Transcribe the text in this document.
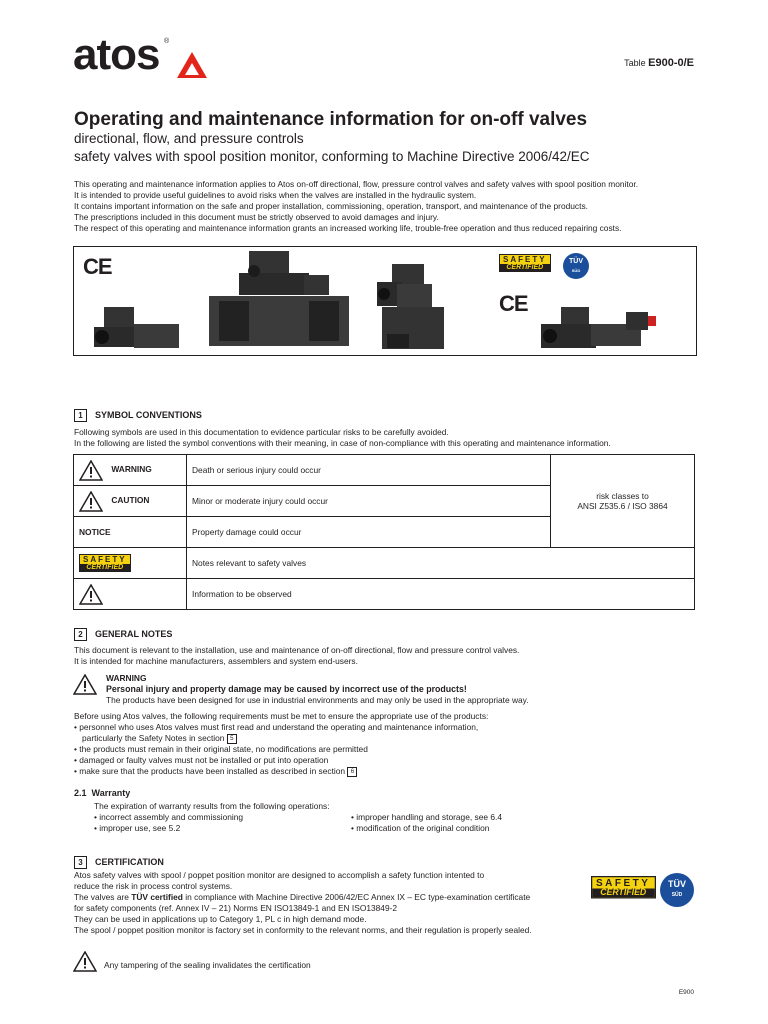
atos ®
Table E900-0/E
Operating and maintenance information for on-off valves
directional, flow, and pressure controls
safety valves with spool position monitor, conforming to Machine Directive 2006/42/EC
This operating and maintenance information applies to Atos on-off directional, flow, pressure control valves and safety valves with spool position monitor.
It is intended to provide useful guidelines to avoid risks when the valves are installed in the hydraulic system.
It contains important information on the safe and proper installation, commissioning, operation, transport, and maintenance of the products.
The prescriptions included in this document must be strictly observed to avoid damages and injury.
The respect of this operating and maintenance information grants an increased working life, trouble-free operation and thus reduced repairing costs.
CE	SAFETY
CERTIFIED
TÜV
SÜD
CE
1 SYMBOL CONVENTIONS
Following symbols are used in this documentation to evidence particular risks to be carefully avoided.
In the following are listed the symbol conventions with their meaning, in case of non-compliance with this operating and maintenance information.
WARNING	Death or serious injury could occur	risk classes to
ANSI Z535.6 / ISO 3864

CAUTION	Minor or moderate injury could occur	
NOTICE	Property damage could occur	

SAFETY
CERTIFIED	Notes relevant to safety valves	
	Information to be observed	
2 GENERAL NOTES
This document is relevant to the installation, use and maintenance of on-off directional, flow and pressure control valves.
It is intended for machine manufacturers, assemblers and system end-users.
WARNING
Personal injury and property damage may be caused by incorrect use of the products!
The products have been designed for use in industrial environments and may only be used in the appropriate way.
Before using Atos valves, the following requirements must be met to ensure the appropriate use of the products:
• personnel who uses Atos valves must first read and understand the operating and maintenance information,
particularly the Safety Notes in section 5
• the products must remain in their original state, no modifications are permitted
• damaged or faulty valves must not be installed or put into operation
• make sure that the products have been installed as described in section 6
2.1 Warranty
The expiration of warranty results from the following operations:
• incorrect assembly and commissioning
• improper use, see 5.2
• improper handling and storage, see 6.4
• modification of the original condition
3 CERTIFICATION
Atos safety valves with spool / poppet position monitor are designed to accomplish a safety function intented to
reduce the risk in process control systems.
The valves are TÜV certified in compliance with Machine Directive 2006/42/EC Annex IX – EC type-examination certificate
for safety components (ref. Annex IV – 21) Norms EN ISO13849-1 and EN ISO13849-2
They can be used in applications up to Category 1, PL c in high demand mode.
The spool / poppet position monitor is factory set in conformity to the relevant norms, and their regulation is properly sealed.
SAFETY
CERTIFIED
TÜV
SÜD
Any tampering of the sealing invalidates the certification
E900
